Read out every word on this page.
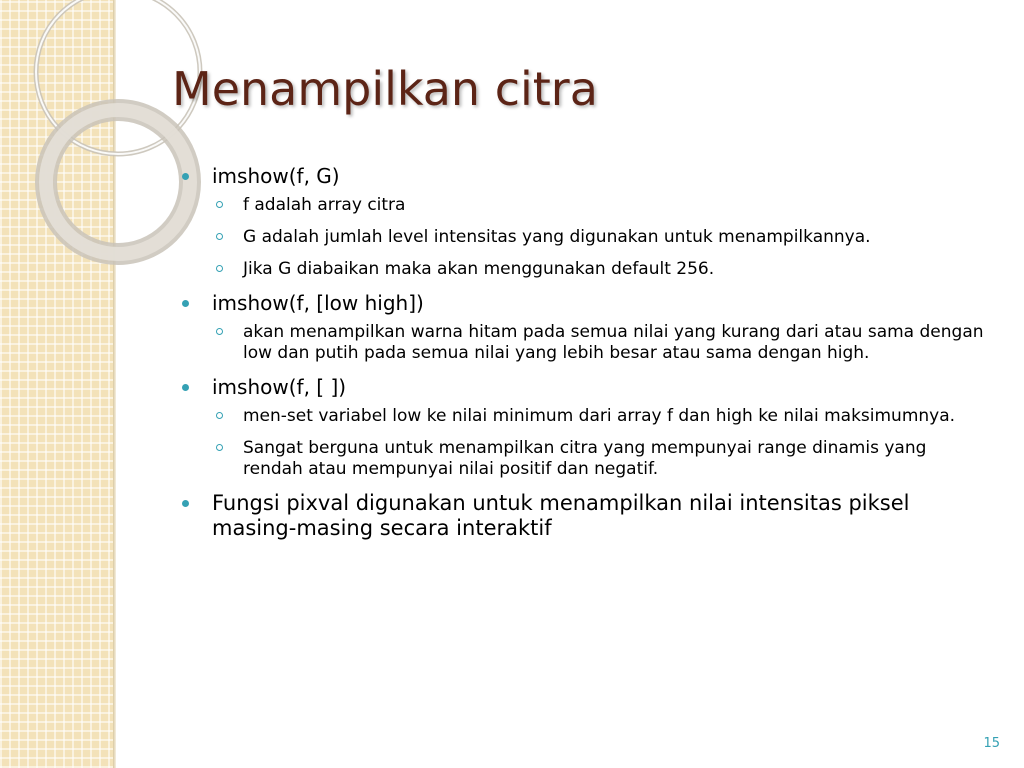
Menampilkan citra
imshow(f, G)
f adalah array citra
G adalah jumlah level intensitas yang digunakan untuk menampilkannya.
Jika G diabaikan maka akan menggunakan default 256.
imshow(f, [low high])
akan menampilkan warna hitam pada semua nilai yang kurang dari atau sama dengan low dan putih pada semua nilai yang lebih besar atau sama dengan high.
imshow(f, [ ])
men-set variabel low ke nilai minimum dari array f dan high ke nilai maksimumnya.
Sangat berguna untuk menampilkan citra yang mempunyai range dinamis yang rendah atau mempunyai nilai positif dan negatif.
Fungsi pixval digunakan untuk menampilkan nilai intensitas piksel masing-masing secara interaktif
15
